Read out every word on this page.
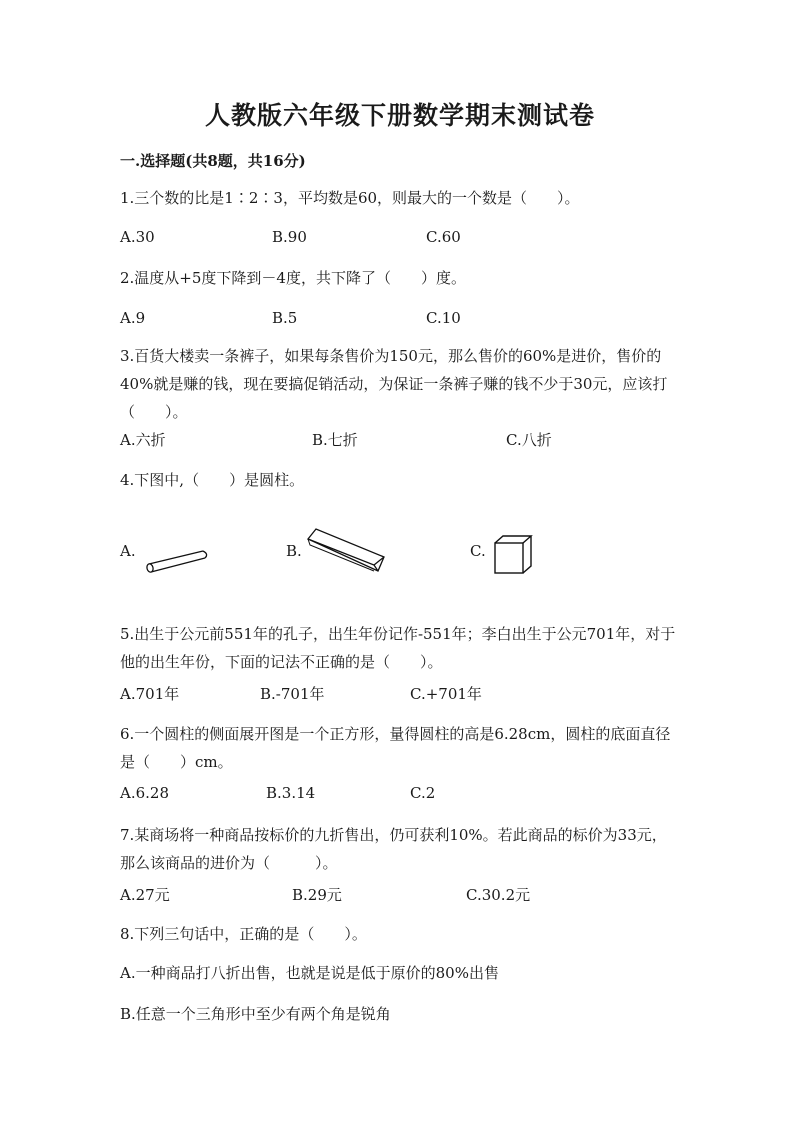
人教版六年级下册数学期末测试卷
一.选择题(共8题，共16分)
1.三个数的比是1∶2∶3，平均数是60，则最大的一个数是（　　）。
A.30	B.90	C.60
2.温度从+5度下降到－4度，共下降了（　　）度。
A.9	B.5	C.10
3.百货大楼卖一条裤子，如果每条售价为150元，那么售价的60%是进价，售价的40%就是赚的钱，现在要搞促销活动，为保证一条裤子赚的钱不少于30元，应该打（　　）。
A.六折	B.七折	C.八折
4.下图中,（　　）是圆柱。
A.	B.	C.
5.出生于公元前551年的孔子，出生年份记作-551年；李白出生于公元701年，对于他的出生年份，下面的记法不正确的是（　　）。
A.701年	B.-701年	C.+701年
6.一个圆柱的侧面展开图是一个正方形，量得圆柱的高是6.28cm，圆柱的底面直径是（　　）cm。
A.6.28	B.3.14	C.2
7.某商场将一种商品按标价的九折售出，仍可获利10%。若此商品的标价为33元，那么该商品的进价为（　　　）。
A.27元	B.29元	C.30.2元
8.下列三句话中，正确的是（　　）。
A.一种商品打八折出售，也就是说是低于原价的80%出售
B.任意一个三角形中至少有两个角是锐角
